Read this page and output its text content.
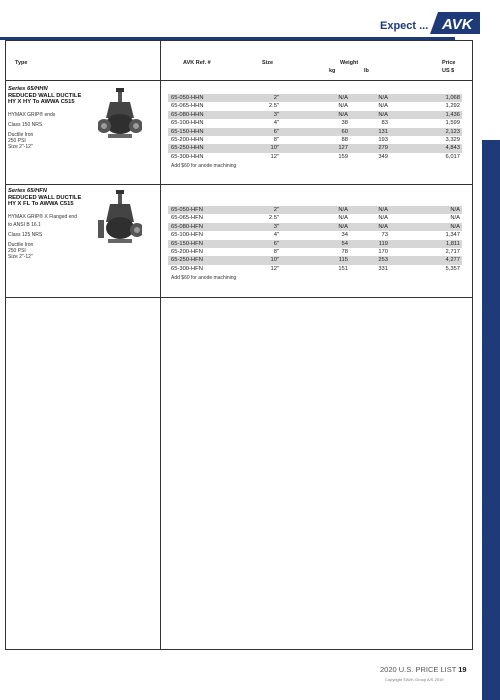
Expect ... AVK
AWWA C515, REDUCED WALL DUCTILE, RESILIENT WEDGE GATE VALVES
Type	AVK Ref. #	Size	Weight
kg	lb
Price
US $
Series 65/HHN
REDUCED WALL DUCTILE
HY X HY To AWWA C515
HYMAX GRIP® ends
Class 150 NRS
Ductile Iron
250 PSI
Size 2"-12"
65-050-HHN	2"	N/A	N/A	1,068
65-065-HHN	2.5"	N/A	N/A	1,292
65-080-HHN	3"	N/A	N/A	1,436
65-100-HHN	4"	38	83	1,599
65-150-HHN	6"	60	131	2,123
65-200-HHN	8"	88	193	3,329
65-250-HHN	10"	127	279	4,843
65-300-HHN	12"	159	349	6,017
Add $60 for anode machining
Series 65/HFN
REDUCED WALL DUCTILE
HY X FL To AWWA C515
HYMAX GRIP® X Flanged end
to ANSI B 16.1
Class 125 NRS
Ductile Iron
250 PSI
Size 2"-12"
65-050-HFN	2"	N/A	N/A	N/A
65-065-HFN	2.5"	N/A	N/A	N/A
65-080-HFN	3"	N/A	N/A	N/A
65-100-HFN	4"	34	73	1,347
65-150-HFN	6"	54	119	1,811
65-200-HFN	8"	78	170	2,717
65-250-HFN	10"	115	253	4,277
65-300-HFN	12"	151	331	5,357
Add $60 for anode machining
2020 U.S. PRICE LIST 19
Copyright ©AVK Group A/S 2019
